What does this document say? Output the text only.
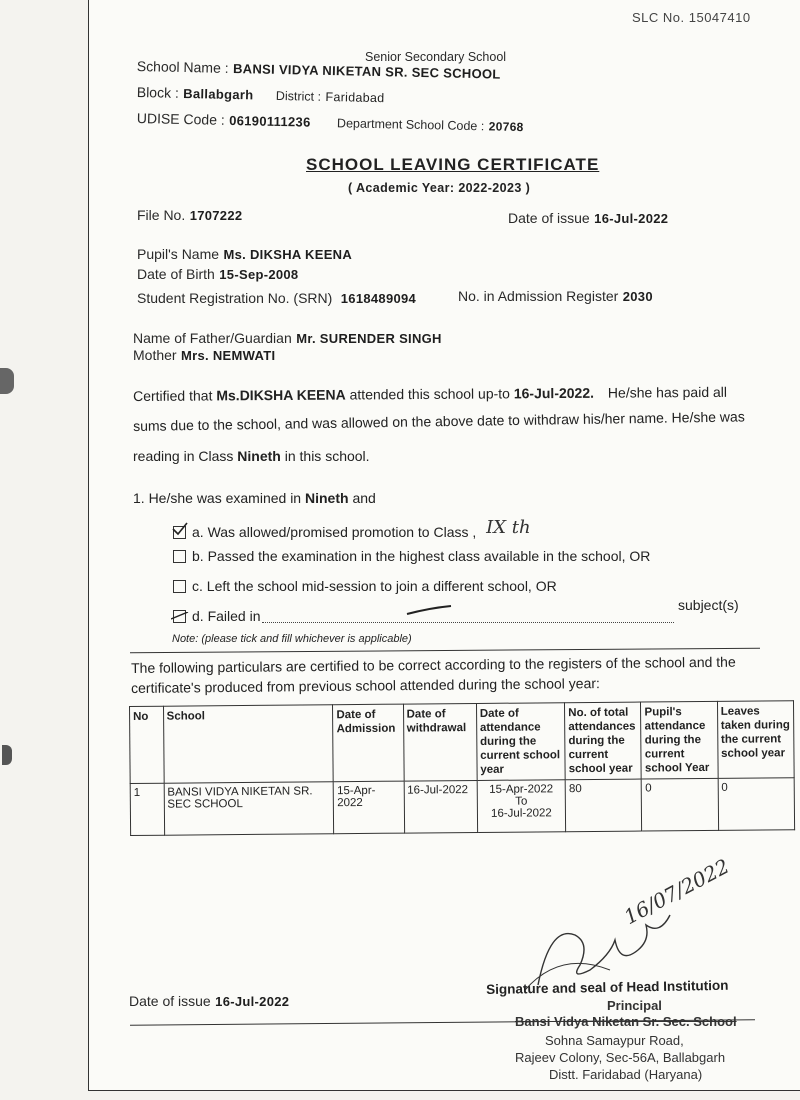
SLC No. 15047410
Senior Secondary School
School Name : BANSI VIDYA NIKETAN SR. SEC SCHOOL
Block : Ballabgarh District : Faridabad
UDISE Code : 06190111236 Department School Code : 20768
SCHOOL LEAVING CERTIFICATE
( Academic Year: 2022-2023 )
File No. 1707222	Date of issue 16-Jul-2022
Pupil's Name Ms. DIKSHA KEENA
Date of Birth 15-Sep-2008
Student Registration No. (SRN) 1618489094	No. in Admission Register 2030
Name of Father/Guardian Mr. SURENDER SINGH
Mother Mrs. NEMWATI
Certified that Ms.DIKSHA KEENA attended this school up-to 16-Jul-2022. He/she has paid all
sums due to the school, and was allowed on the above date to withdraw his/her name. He/she was
reading in Class Nineth in this school.
1. He/she was examined in Nineth and
a. Was allowed/promised promotion to Class , IX th
b. Passed the examination in the highest class available in the school, OR
c. Left the school mid-session to join a different school, OR
d. Failed in
subject(s)
Note: (please tick and fill whichever is applicable)
The following particulars are certified to be correct according to the registers of the school and the
certificate's produced from previous school attended during the school year:
No	School	Date of Admission	Date of withdrawal	Date of attendance during the current school year	No. of total attendances during the current school year	Pupil's attendance during the current school Year	Leaves taken during the current school year
1	BANSI VIDYA NIKETAN SR. SEC SCHOOL	15-Apr-2022	16-Jul-2022	15-Apr-2022
To
16-Jul-2022	80	0	0
16/07/2022
Date of issue 16-Jul-2022
Signature and seal of Head Institution
Principal
Bansi Vidya Niketan Sr. Sec. School
Sohna Samaypur Road,
Rajeev Colony, Sec-56A, Ballabgarh
Distt. Faridabad (Haryana)
